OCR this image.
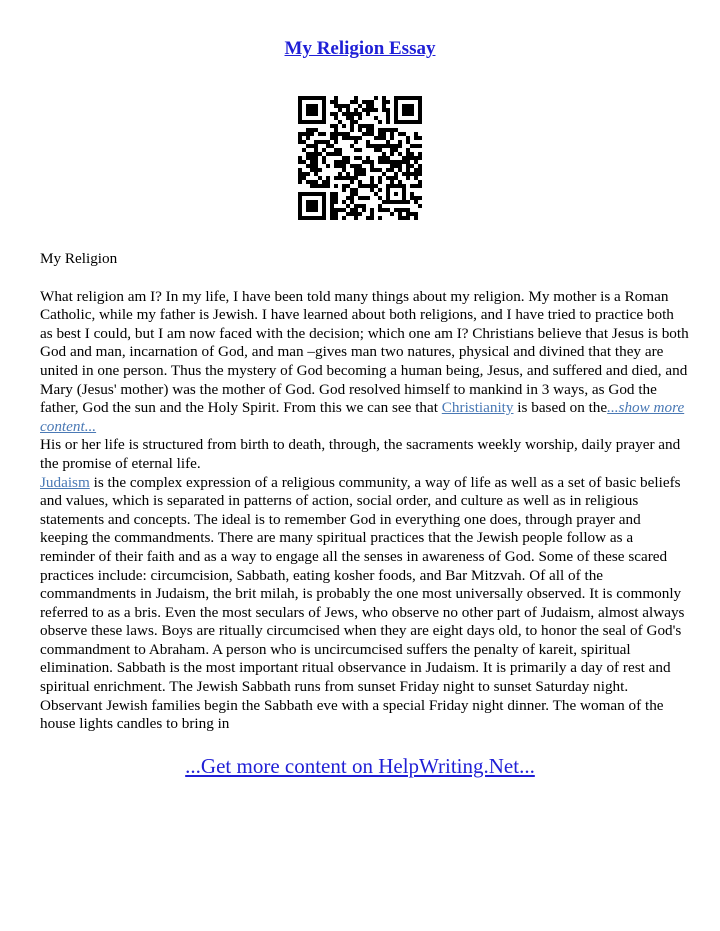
My Religion Essay

My Religion

What religion am I? In my life, I have been told many things about my religion. My mother is a Roman Catholic, while my father is Jewish. I have learned about both religions, and I have tried to practice both as best I could, but I am now faced with the decision; which one am I? Christians believe that Jesus is both God and man, incarnation of God, and man –gives man two natures, physical and divined that they are united in one person. Thus the mystery of God becoming a human being, Jesus, and suffered and died, and Mary (Jesus' mother) was the mother of God. God resolved himself to mankind in 3 ways, as God the father, God the sun and the Holy Spirit. From this we can see that Christianity is based on the...show more content...

His or her life is structured from birth to death, through, the sacraments weekly worship, daily prayer and the promise of eternal life.

Judaism is the complex expression of a religious community, a way of life as well as a set of basic beliefs and values, which is separated in patterns of action, social order, and culture as well as in religious statements and concepts. The ideal is to remember God in everything one does, through prayer and keeping the commandments. There are many spiritual practices that the Jewish people follow as a reminder of their faith and as a way to engage all the senses in awareness of God. Some of these scared practices include: circumcision, Sabbath, eating kosher foods, and Bar Mitzvah. Of all of the commandments in Judaism, the brit milah, is probably the one most universally observed. It is commonly referred to as a bris. Even the most seculars of Jews, who observe no other part of Judaism, almost always observe these laws. Boys are ritually circumcised when they are eight days old, to honor the seal of God's commandment to Abraham. A person who is uncircumcised suffers the penalty of kareit, spiritual elimination. Sabbath is the most important ritual observance in Judaism. It is primarily a day of rest and spiritual enrichment. The Jewish Sabbath runs from sunset Friday night to sunset Saturday night. Observant Jewish families begin the Sabbath eve with a special Friday night dinner. The woman of the house lights candles to bring in

...Get more content on HelpWriting.Net...
